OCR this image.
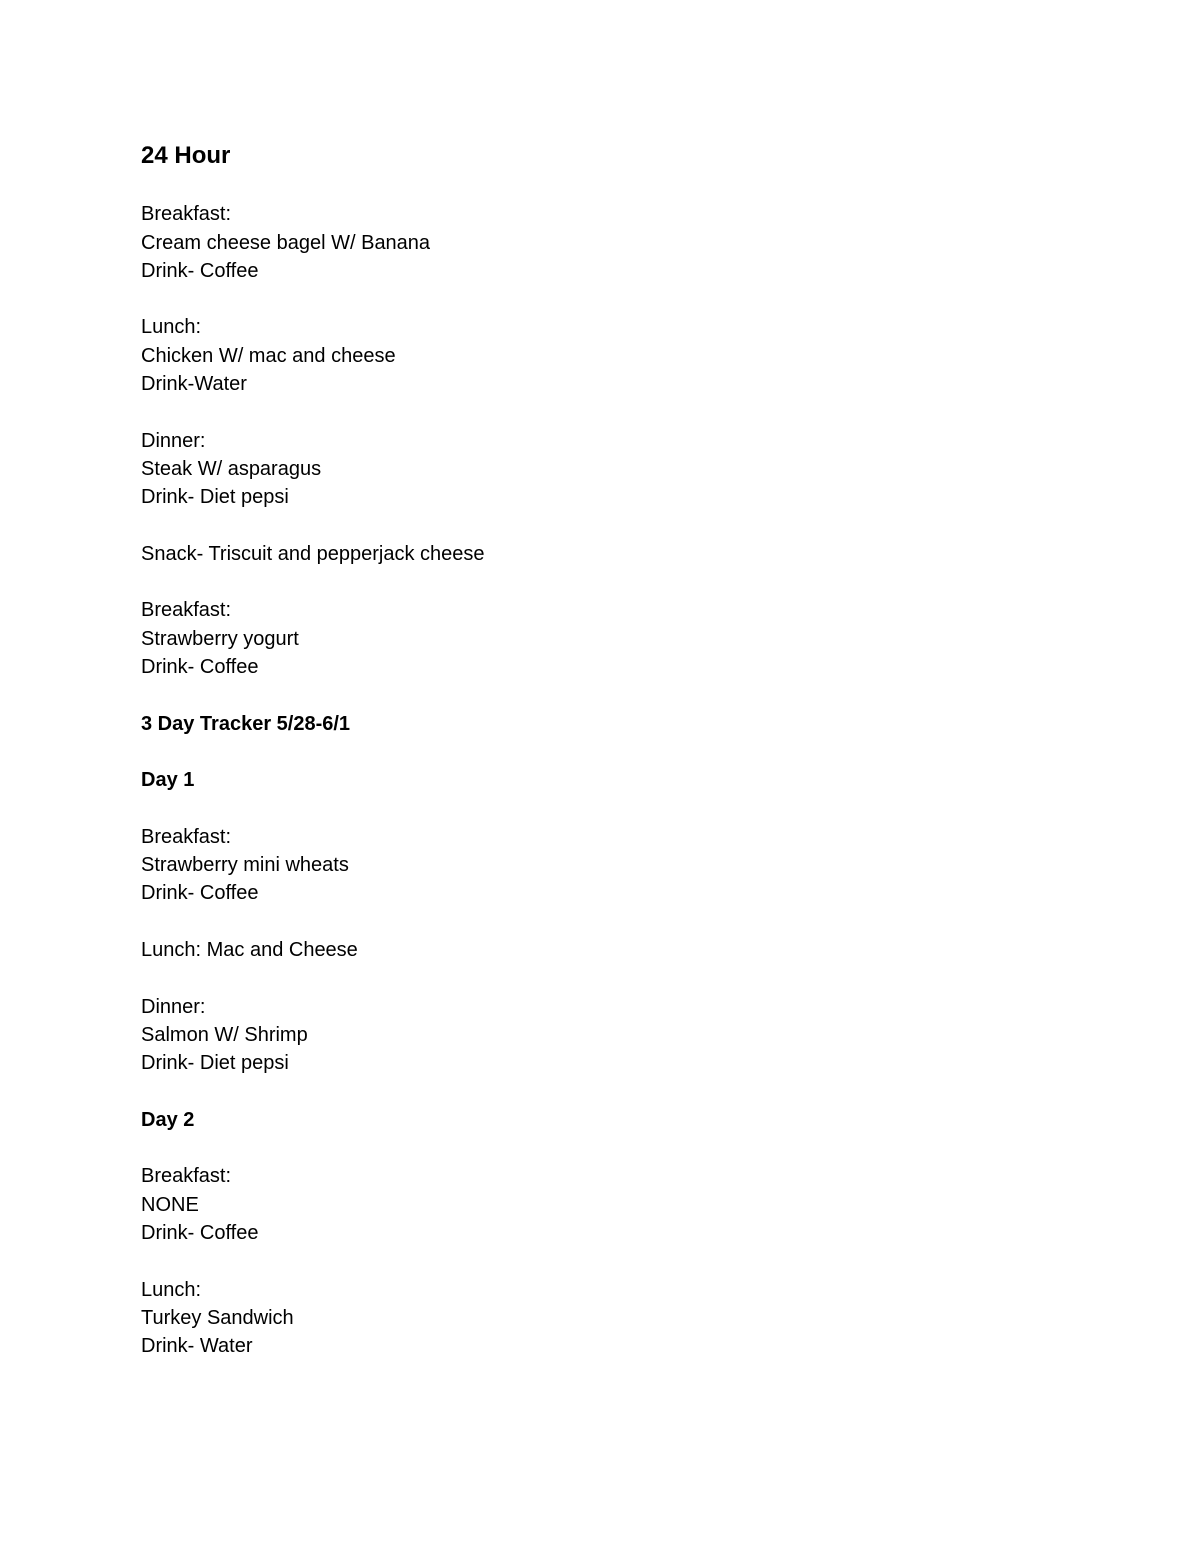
24 Hour
Breakfast:
Cream cheese bagel W/ Banana
Drink- Coffee
Lunch:
Chicken W/ mac and cheese
Drink-Water
Dinner:
Steak W/ asparagus
Drink- Diet pepsi
Snack- Triscuit and pepperjack cheese
Breakfast:
Strawberry yogurt
Drink- Coffee
3 Day Tracker 5/28-6/1
Day 1
Breakfast:
Strawberry mini wheats
Drink- Coffee
Lunch: Mac and Cheese
Dinner:
Salmon W/ Shrimp
Drink- Diet pepsi
Day 2
Breakfast:
NONE
Drink- Coffee
Lunch:
Turkey Sandwich
Drink- Water
